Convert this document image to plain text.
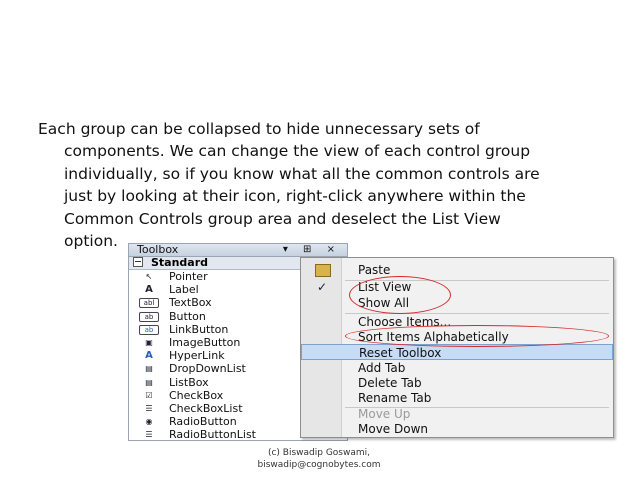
Each group can be collapsed to hide unnecessary sets of
components. We can change the view of each control group
individually, so if you know what all the common controls are
just by looking at their icon, right-click anywhere within the
Common Controls group area and deselect the List View
option.	Toolbox	▾ ⊞ ×
Standard
↖ Pointer
A Label
abl TextBox
ab Button
ab LinkButton
▣ ImageButton
A HyperLink
▤ DropDownList
▤ ListBox
☑ CheckBox
☰ CheckBoxList
◉ RadioButton
☰ RadioButtonList
Paste
✓	List View
Show All
Choose Items...
Sort Items Alphabetically
Reset Toolbox
Add Tab
Delete Tab
Rename Tab
Move Up
Move Down
(c) Biswadip Goswami,
biswadip@cognobytes.com
